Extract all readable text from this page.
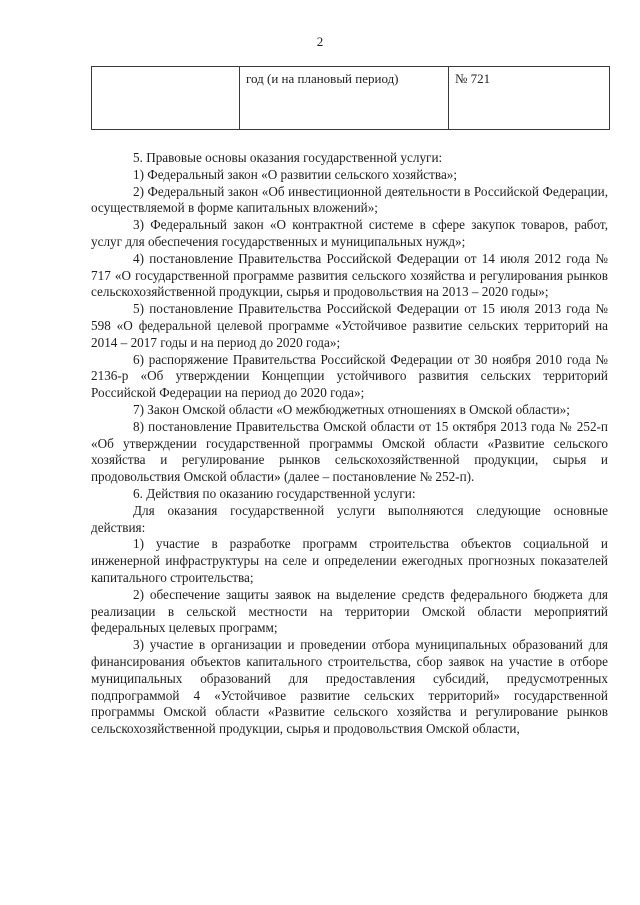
2
	год (и на плановый период)	№ 721

5. Правовые основы оказания государственной услуги:

1) Федеральный закон «О развитии сельского хозяйства»;

2) Федеральный закон «Об инвестиционной деятельности в Российской Федерации, осуществляемой в форме капитальных вложений»;

3) Федеральный закон «О контрактной системе в сфере закупок товаров, работ, услуг для обеспечения государственных и муниципальных нужд»;

4) постановление Правительства Российской Федерации от 14 июля 2012 года № 717 «О государственной программе развития сельского хозяйства и регулирования рынков сельскохозяйственной продукции, сырья и продовольствия на 2013 – 2020 годы»;

5) постановление Правительства Российской Федерации от 15 июля 2013 года № 598 «О федеральной целевой программе «Устойчивое развитие сельских территорий на 2014 – 2017 годы и на период до 2020 года»;

6) распоряжение Правительства Российской Федерации от 30 ноября 2010 года № 2136-р «Об утверждении Концепции устойчивого развития сельских территорий Российской Федерации на период до 2020 года»;

7) Закон Омской области «О межбюджетных отношениях в Омской области»;

8) постановление Правительства Омской области от 15 октября 2013 года № 252-п «Об утверждении государственной программы Омской области «Развитие сельского хозяйства и регулирование рынков сельскохозяйственной продукции, сырья и продовольствия Омской области» (далее – постановление № 252-п).

6. Действия по оказанию государственной услуги:

Для оказания государственной услуги выполняются следующие основные действия:

1) участие в разработке программ строительства объектов социальной и инженерной инфраструктуры на селе и определении ежегодных прогнозных показателей капитального строительства;

2) обеспечение защиты заявок на выделение средств федерального бюджета для реализации в сельской местности на территории Омской области мероприятий федеральных целевых программ;

3) участие в организации и проведении отбора муниципальных образований для финансирования объектов капитального строительства, сбор заявок на участие в отборе муниципальных образований для предоставления субсидий, предусмотренных подпрограммой 4 «Устойчивое развитие сельских территорий» государственной программы Омской области «Развитие сельского хозяйства и регулирование рынков сельскохозяйственной продукции, сырья и продовольствия Омской области,
